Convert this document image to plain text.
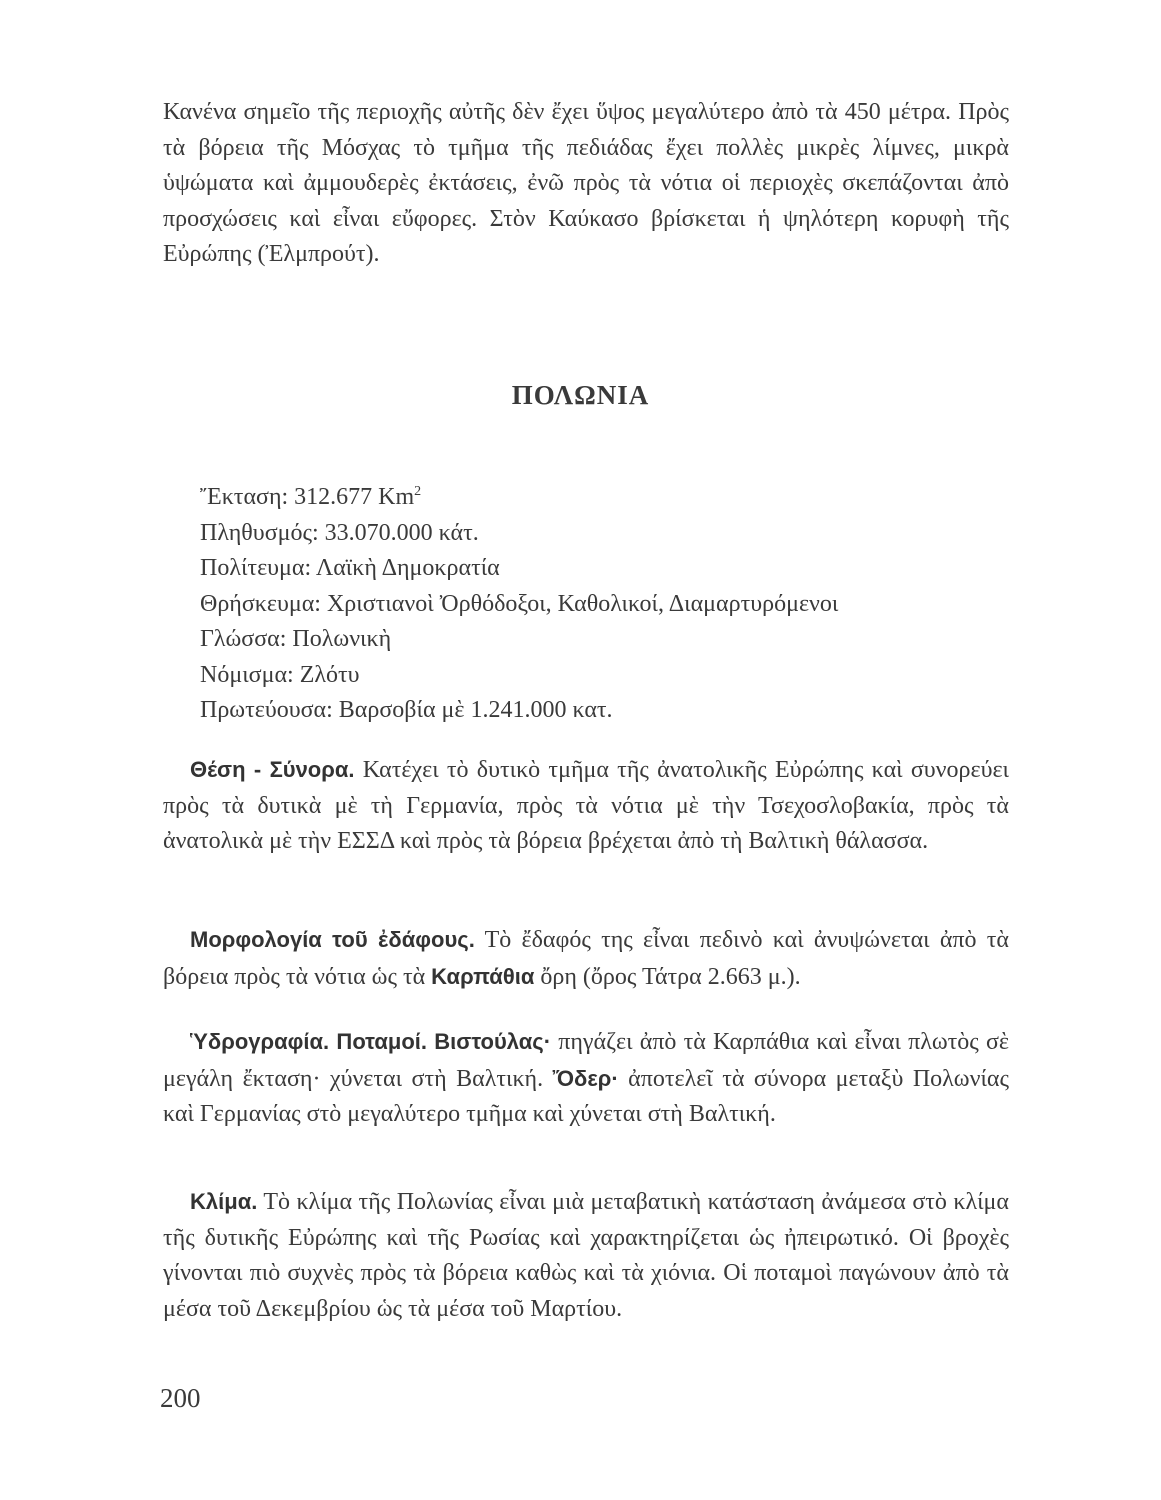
Κανένα σημεῖο τῆς περιοχῆς αὐτῆς δὲν ἔχει ὕψος μεγαλύτερο ἀπὸ τὰ 450 μέτρα. Πρὸς τὰ βόρεια τῆς Μόσχας τὸ τμῆμα τῆς πεδιάδας ἔχει πολλὲς μικρὲς λίμνες, μικρὰ ὑψώματα καὶ ἀμμουδερὲς ἐκτάσεις, ἐνῶ πρὸς τὰ νότια οἱ περιοχὲς σκεπάζονται ἀπὸ προσχώσεις καὶ εἶναι εὔφορες. Στὸν Καύκασο βρίσκεται ἡ ψηλότερη κορυφὴ τῆς Εὐρώπης (Ἐλμπρούτ).

ΠΟΛΩΝΙΑ
Ἔκταση: 312.677 Km$^2$
Πληθυσμός: 33.070.000 κάτ.
Πολίτευμα: Λαϊκὴ Δημοκρατία
Θρήσκευμα: Χριστιανοὶ Ὀρθόδοξοι, Καθολικοί, Διαμαρτυρόμενοι
Γλώσσα: Πολωνικὴ
Νόμισμα: Ζλότυ
Πρωτεύουσα: Βαρσοβία μὲ 1.241.000 κατ.

Θέση - Σύνορα. Κατέχει τὸ δυτικὸ τμῆμα τῆς ἀνατολικῆς Εὐρώπης καὶ συνορεύει πρὸς τὰ δυτικὰ μὲ τὴ Γερμανία, πρὸς τὰ νότια μὲ τὴν Τσεχοσλοβακία, πρὸς τὰ ἀνατολικὰ μὲ τὴν ΕΣΣΔ καὶ πρὸς τὰ βόρεια βρέχεται ἀπὸ τὴ Βαλτικὴ θάλασσα.

Μορφολογία τοῦ ἐδάφους. Τὸ ἔδαφός της εἶναι πεδινὸ καὶ ἀνυψώνεται ἀπὸ τὰ βόρεια πρὸς τὰ νότια ὡς τὰ Καρπάθια ὄρη (ὄρος Τάτρα 2.663 μ.).

Ὑδρογραφία. Ποταμοί. Βιστούλας· πηγάζει ἀπὸ τὰ Καρπάθια καὶ εἶναι πλωτὸς σὲ μεγάλη ἔκταση· χύνεται στὴ Βαλτική. Ὄδερ· ἀποτελεῖ τὰ σύνορα μεταξὺ Πολωνίας καὶ Γερμανίας στὸ μεγαλύτερο τμῆμα καὶ χύνεται στὴ Βαλτική.

Κλίμα. Τὸ κλίμα τῆς Πολωνίας εἶναι μιὰ μεταβατικὴ κατάσταση ἀνάμεσα στὸ κλίμα τῆς δυτικῆς Εὐρώπης καὶ τῆς Ρωσίας καὶ χαρακτηρίζεται ὡς ἠπειρωτικό. Οἱ βροχὲς γίνονται πιὸ συχνὲς πρὸς τὰ βόρεια καθὼς καὶ τὰ χιόνια. Οἱ ποταμοὶ παγώνουν ἀπὸ τὰ μέσα τοῦ Δεκεμβρίου ὡς τὰ μέσα τοῦ Μαρτίου.

200
